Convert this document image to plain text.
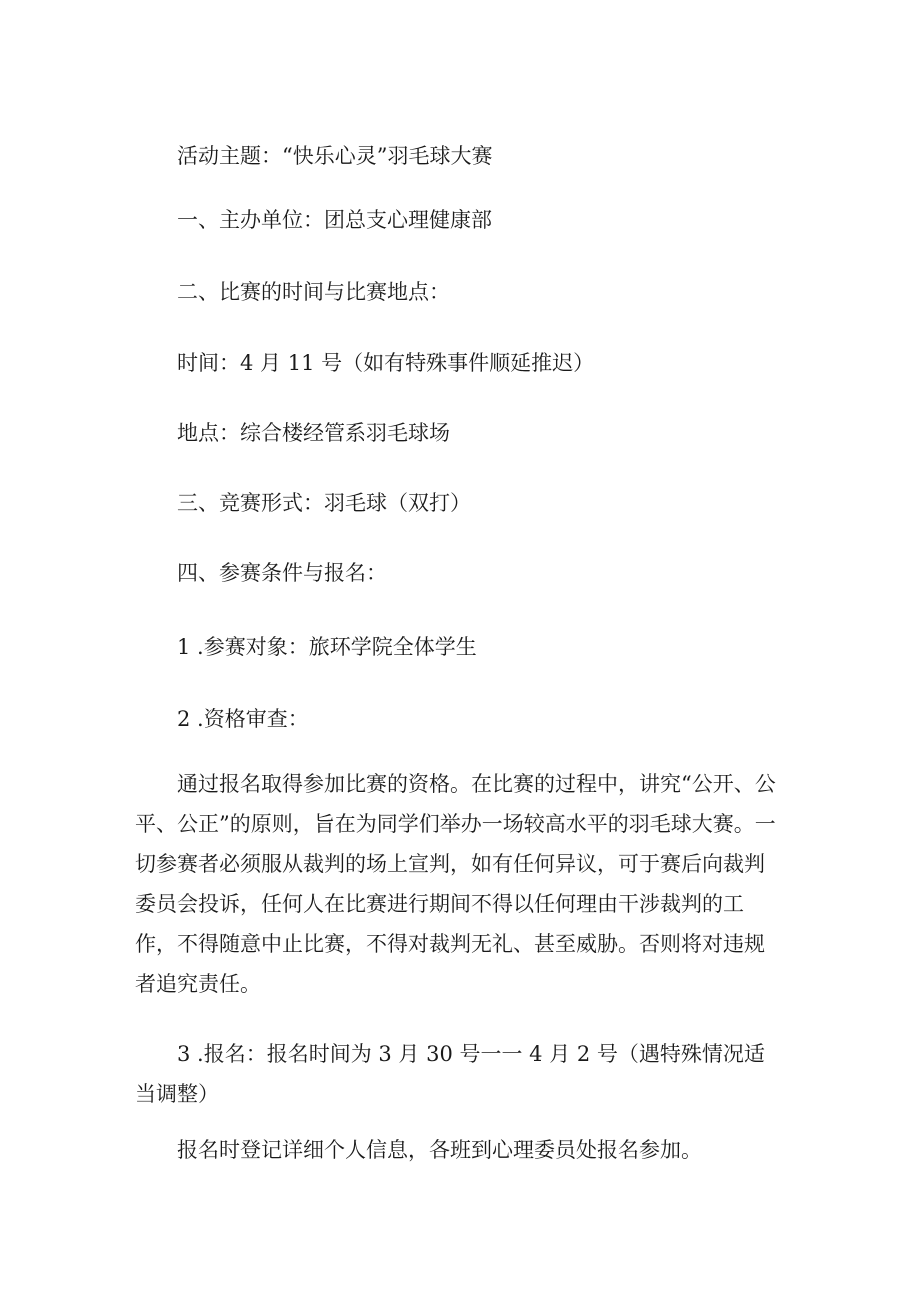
活动主题：“快乐心灵”羽毛球大赛
一、主办单位：团总支心理健康部
二、比赛的时间与比赛地点：
时间：4 月 11 号（如有特殊事件顺延推迟）
地点：综合楼经管系羽毛球场
三、竞赛形式：羽毛球（双打）
四、参赛条件与报名：
1 .参赛对象：旅环学院全体学生
2 .资格审查：

通过报名取得参加比赛的资格。在比赛的过程中，讲究“公开、公平、公正”的原则，旨在为同学们举办一场较高水平的羽毛球大赛。一切参赛者必须服从裁判的场上宣判，如有任何异议，可于赛后向裁判委员会投诉，任何人在比赛进行期间不得以任何理由干涉裁判的工作，不得随意中止比赛，不得对裁判无礼、甚至威胁。否则将对违规者追究责任。

3 .报名：报名时间为 3 月 30 号一一 4 月 2 号（遇特殊情况适当调整）

报名时登记详细个人信息，各班到心理委员处报名参加。
